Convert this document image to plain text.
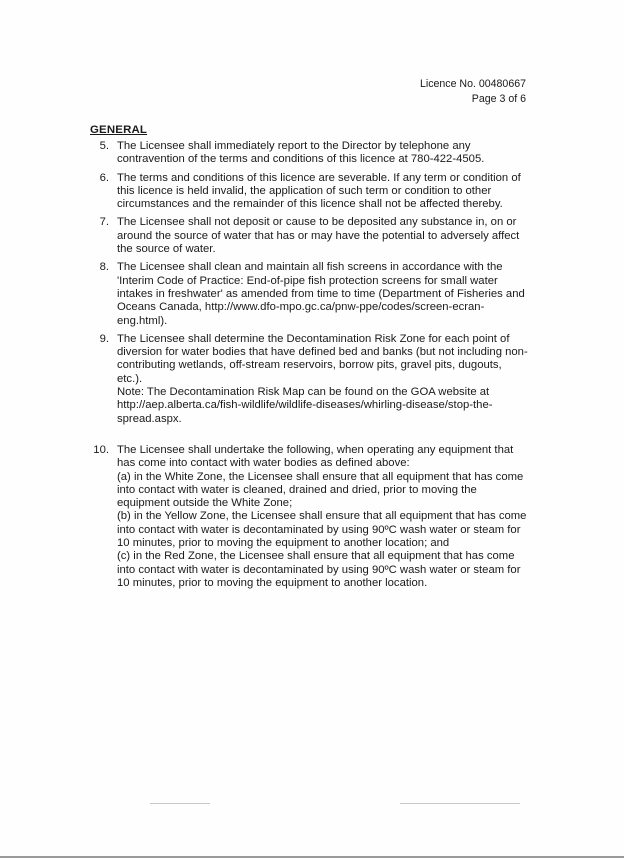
Licence No. 00480667
Page 3 of 6
GENERAL
5. The Licensee shall immediately report to the Director by telephone any contravention of the terms and conditions of this licence at 780-422-4505.

6. The terms and conditions of this licence are severable. If any term or condition of this licence is held invalid, the application of such term or condition to other circumstances and the remainder of this licence shall not be affected thereby.

7. The Licensee shall not deposit or cause to be deposited any substance in, on or around the source of water that has or may have the potential to adversely affect the source of water.

8. The Licensee shall clean and maintain all fish screens in accordance with the 'Interim Code of Practice: End-of-pipe fish protection screens for small water intakes in freshwater' as amended from time to time (Department of Fisheries and Oceans Canada, http://www.dfo-mpo.gc.ca/pnw-ppe/codes/screen-ecran-eng.html).

9. The Licensee shall determine the Decontamination Risk Zone for each point of diversion for water bodies that have defined bed and banks (but not including non-contributing wetlands, off-stream reservoirs, borrow pits, gravel pits, dugouts, etc.).

Note: The Decontamination Risk Map can be found on the GOA website at http://aep.alberta.ca/fish-wildlife/wildlife-diseases/whirling-disease/stop-the-spread.aspx.

10. The Licensee shall undertake the following, when operating any equipment that has come into contact with water bodies as defined above:

(a) in the White Zone, the Licensee shall ensure that all equipment that has come into contact with water is cleaned, drained and dried, prior to moving the equipment outside the White Zone;

(b) in the Yellow Zone, the Licensee shall ensure that all equipment that has come into contact with water is decontaminated by using 90ºC wash water or steam for 10 minutes, prior to moving the equipment to another location; and

(c) in the Red Zone, the Licensee shall ensure that all equipment that has come into contact with water is decontaminated by using 90ºC wash water or steam for 10 minutes, prior to moving the equipment to another location.
